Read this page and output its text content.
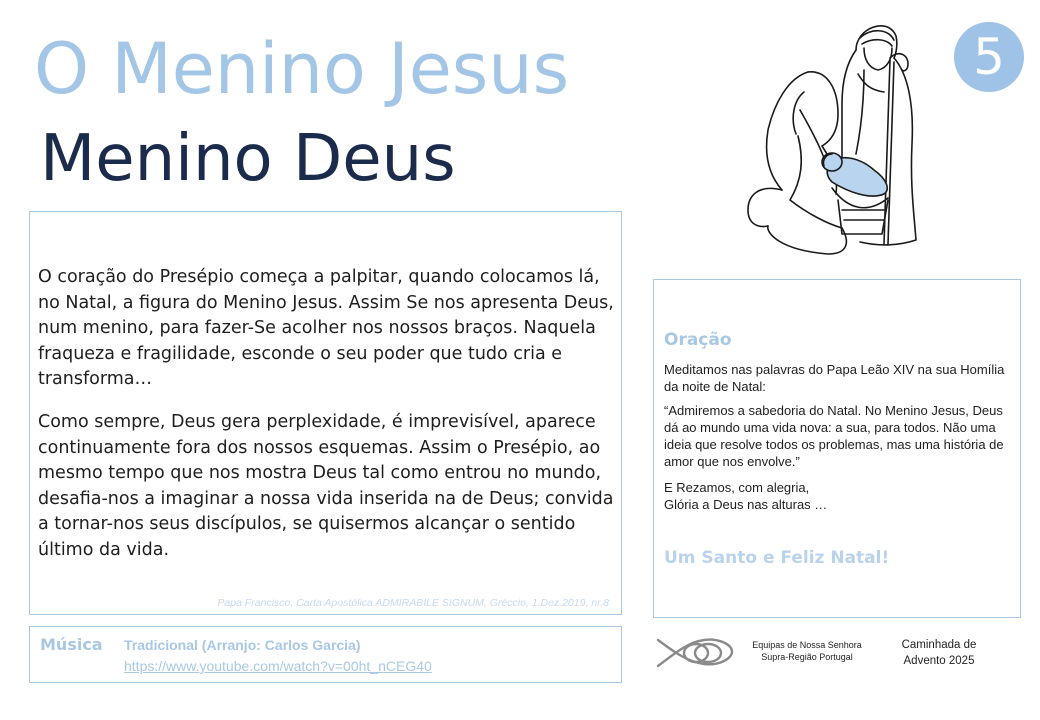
O Menino Jesus
Menino Deus
5
O coração do Presépio começa a palpitar, quando colocamos lá, no Natal, a figura do Menino Jesus. Assim Se nos apresenta Deus, num menino, para fazer-Se acolher nos nossos braços. Naquela fraqueza e fragilidade, esconde o seu poder que tudo cria e transforma…
Como sempre, Deus gera perplexidade, é imprevisível, aparece continuamente fora dos nossos esquemas. Assim o Presépio, ao mesmo tempo que nos mostra Deus tal como entrou no mundo, desafia-nos a imaginar a nossa vida inserida na de Deus; convida a tornar-nos seus discípulos, se quisermos alcançar o sentido último da vida.
Papa Francisco, Carta Apostólica ADMIRABILE SIGNUM, Gréccio, 1.Dez.2019, nr.8
Oração
Meditamos nas palavras do Papa Leão XIV na sua Homília da noite de Natal:
“Admiremos a sabedoria do Natal. No Menino Jesus, Deus dá ao mundo uma vida nova: a sua, para todos. Não uma ideia que resolve todos os problemas, mas uma história de amor que nos envolve.”
E Rezamos, com alegria,
Glória a Deus nas alturas …
Um Santo e Feliz Natal!
Música Tradicional (Arranjo: Carlos Garcia)
https://www.youtube.com/watch?v=00ht_nCEG40
Equipas de Nossa Senhora
Supra-Região Portugal
Caminhada de
Advento 2025
